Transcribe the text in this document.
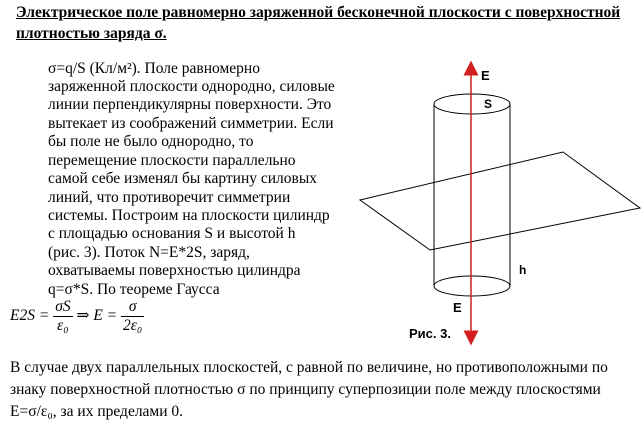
Электрическое поле равномерно заряженной бесконечной плоскости с поверхностной плотностью заряда σ.
σ=q/S (Кл/м²). Поле равномерно
заряженной плоскости однородно, силовые
линии перпендикулярны поверхности. Это
вытекает из соображений симметрии. Если
бы поле не было однородно, то
перемещение плоскости параллельно
самой себе изменял бы картину силовых
линий, что противоречит симметрии
системы. Построим на плоскости цилиндр
с площадью основания S и высотой h
(рис. 3). Поток N=E*2S, заряд,
охватываемы поверхностью цилиндра
q=σ*S. По теореме Гаусса
$E2S = \frac{\sigma S}{\text{ε₀}}$ ⇒ $E = \frac{\sigma}{\text{2ε₀}}$
E
S
h
E
Рис. 3.
В случае двух параллельных плоскостей, с равной по величине, но противоположными по
знаку поверхностной плотностью σ по принципу суперпозиции поле между плоскостями
E=σ/ε₀, за их пределами 0.
